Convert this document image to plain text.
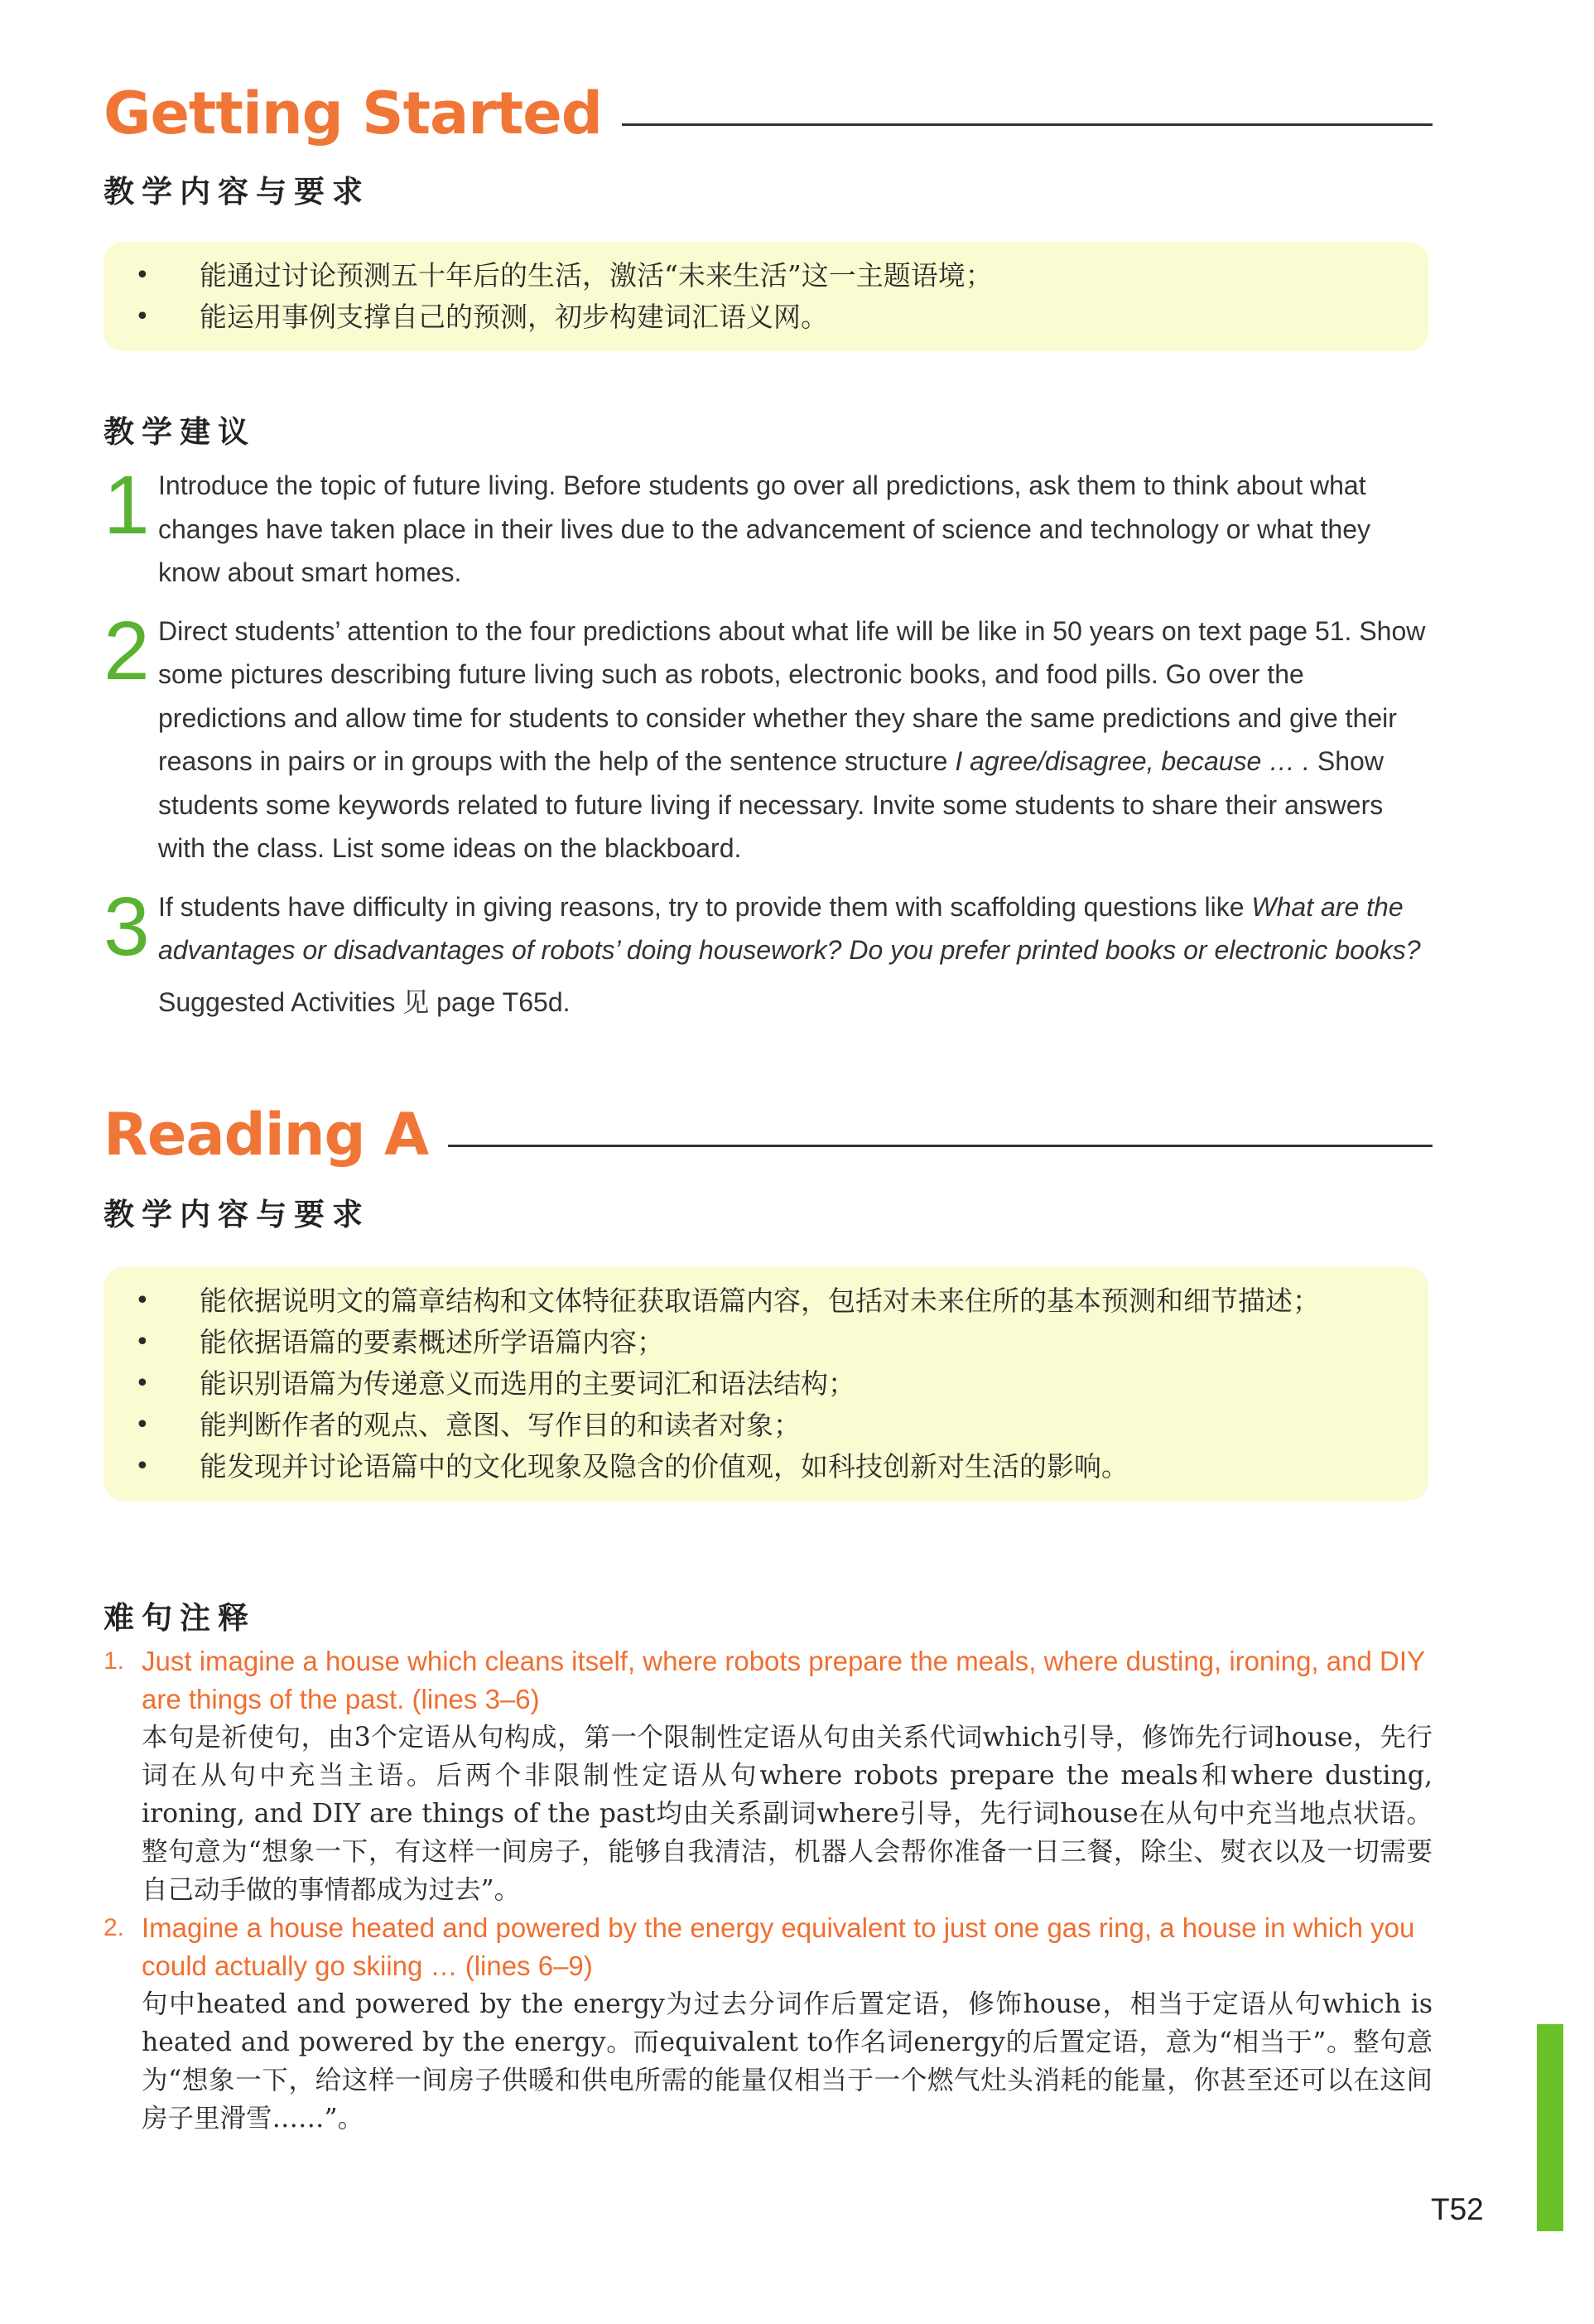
Getting Started
教学内容与要求
• 能通过讨论预测五十年后的生活，激活“未来生活”这一主题语境；
• 能运用事例支撑自己的预测，初步构建词汇语义网。
教学建议
1 Introduce the topic of future living. Before students go over all predictions, ask them to think about what changes have taken place in their lives due to the advancement of science and technology or what they know about smart homes.
2 Direct students’ attention to the four predictions about what life will be like in 50 years on text page 51. Show some pictures describing future living such as robots, electronic books, and food pills. Go over the predictions and allow time for students to consider whether they share the same predictions and give their reasons in pairs or in groups with the help of the sentence structure I agree/disagree, because … . Show students some keywords related to future living if necessary. Invite some students to share their answers with the class. List some ideas on the blackboard.
3 If students have difficulty in giving reasons, try to provide them with scaffolding questions like What are the advantages or disadvantages of robots’ doing housework? Do you prefer printed books or electronic books?
Suggested Activities 见 page T65d.
Reading A
教学内容与要求
• 能依据说明文的篇章结构和文体特征获取语篇内容，包括对未来住所的基本预测和细节描述；
• 能依据语篇的要素概述所学语篇内容；
• 能识别语篇为传递意义而选用的主要词汇和语法结构；
• 能判断作者的观点、意图、写作目的和读者对象；
• 能发现并讨论语篇中的文化现象及隐含的价值观，如科技创新对生活的影响。
难句注释
1. Just imagine a house which cleans itself, where robots prepare the meals, where dusting, ironing, and DIY are things of the past. (lines 3–6)
本句是祈使句，由3个定语从句构成，第一个限制性定语从句由关系代词which引导，修饰先行词house，先行词在从句中充当主语。后两个非限制性定语从句where robots prepare the meals和where dusting, ironing, and DIY are things of the past均由关系副词where引导，先行词house在从句中充当地点状语。整句意为“想象一下，有这样一间房子，能够自我清洁，机器人会帮你准备一日三餐，除尘、熨衣以及一切需要自己动手做的事情都成为过去”。
2. Imagine a house heated and powered by the energy equivalent to just one gas ring, a house in which you could actually go skiing … (lines 6–9)
句中heated and powered by the energy为过去分词作后置定语，修饰house，相当于定语从句which is heated and powered by the energy。而equivalent to作名词energy的后置定语，意为“相当于”。整句意为“想象一下，给这样一间房子供暖和供电所需的能量仅相当于一个燃气灶头消耗的能量，你甚至还可以在这间房子里滑雪……”。
T52
